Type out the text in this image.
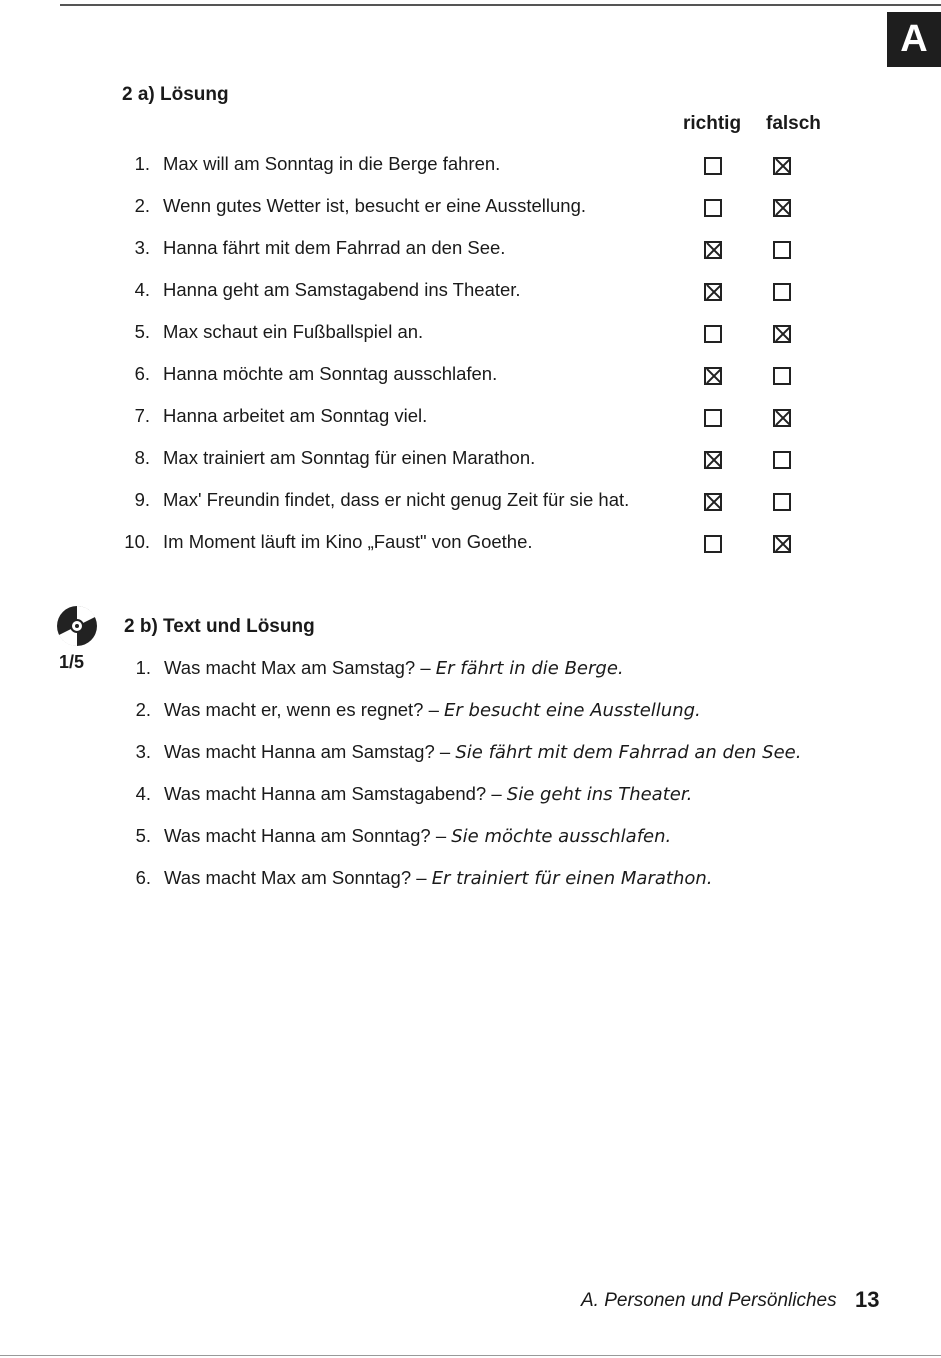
A
2 a) Lösung
richtig falsch
1. Max will am Sonntag in die Berge fahren.
2. Wenn gutes Wetter ist, besucht er eine Ausstellung.
3. Hanna fährt mit dem Fahrrad an den See.
4. Hanna geht am Samstagabend ins Theater.
5. Max schaut ein Fußballspiel an.
6. Hanna möchte am Sonntag ausschlafen.
7. Hanna arbeitet am Sonntag viel.
8. Max trainiert am Sonntag für einen Marathon.
9. Max' Freundin findet, dass er nicht genug Zeit für sie hat.
10. Im Moment läuft im Kino „Faust" von Goethe.
1/5
2 b) Text und Lösung
1. Was macht Max am Samstag? – Er fährt in die Berge.
2. Was macht er, wenn es regnet? – Er besucht eine Ausstellung.
3. Was macht Hanna am Samstag? – Sie fährt mit dem Fahrrad an den See.
4. Was macht Hanna am Samstagabend? – Sie geht ins Theater.
5. Was macht Hanna am Sonntag? – Sie möchte ausschlafen.
6. Was macht Max am Sonntag? – Er trainiert für einen Marathon.
A. Personen und Persönliches 13
